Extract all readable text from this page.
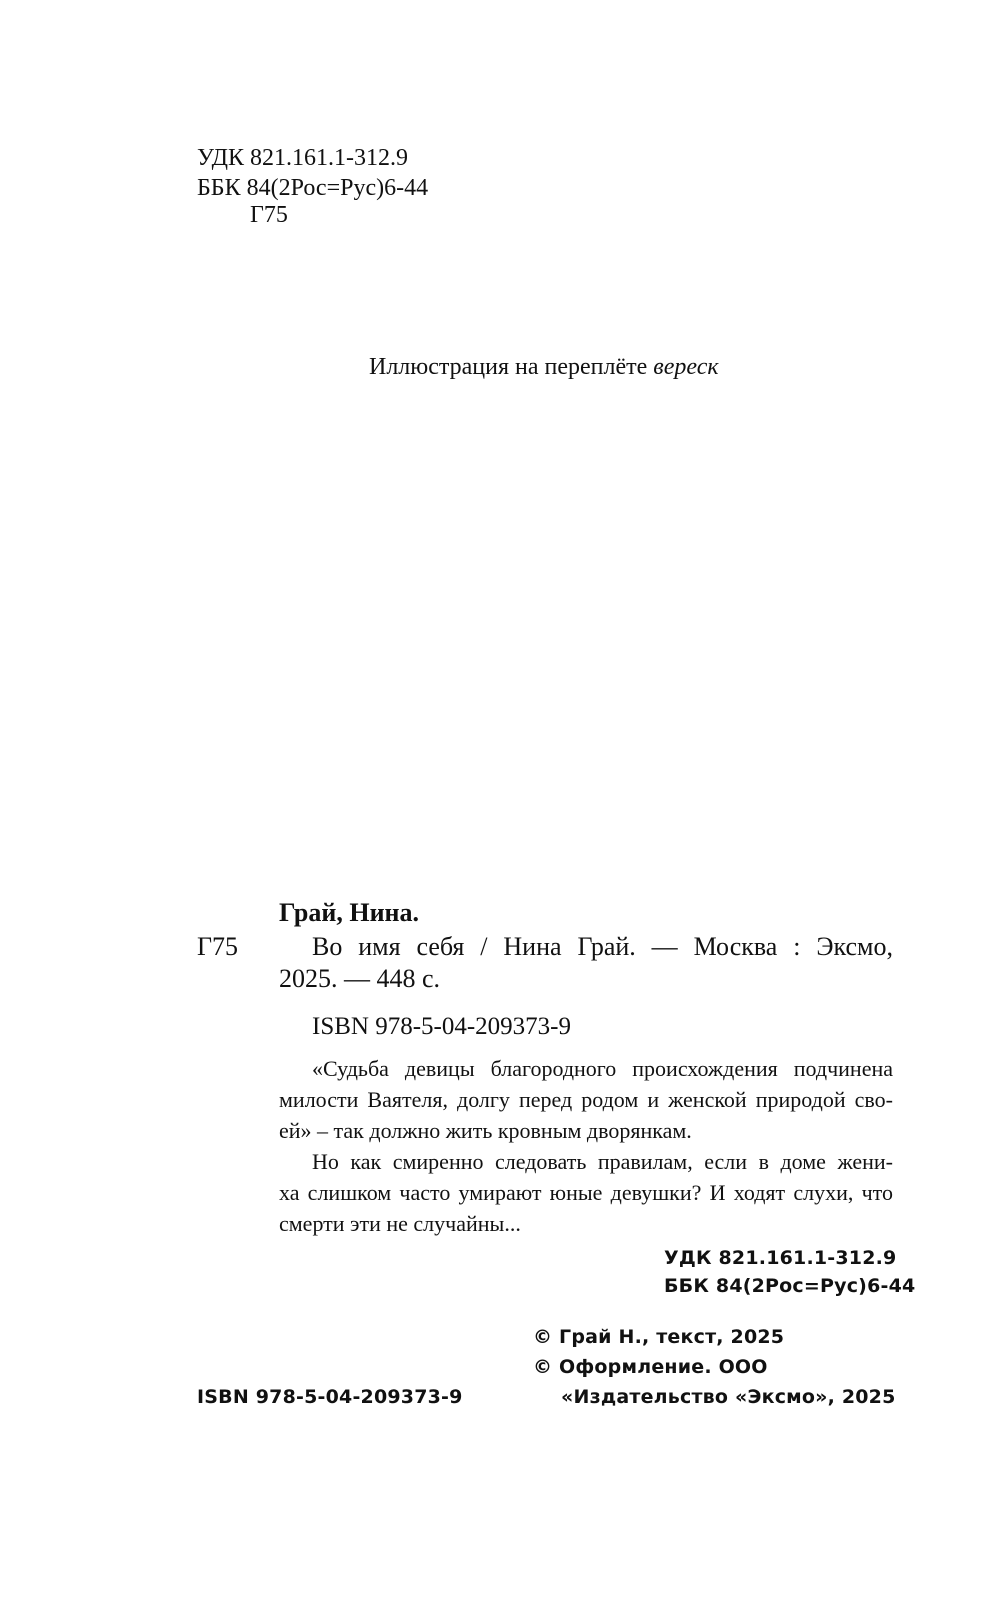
УДК 821.161.1-312.9
ББК 84(2Рос=Рус)6-44
Г75
Иллюстрация на переплёте вереск
Грай, Нина.
Г75	Во имя себя / Нина Грай. — Москва : Эксмо,
2025. — 448 с.
ISBN 978-5-04-209373-9
«Судьба девицы благородного происхождения подчинена
милости Ваятеля, долгу перед родом и женской природой сво-
ей» – так должно жить кровным дворянкам.
Но как смиренно следовать правилам, если в доме жени-
ха слишком часто умирают юные девушки? И ходят слухи, что
смерти эти не случайны...
УДК 821.161.1-312.9
ББК 84(2Рос=Рус)6-44
© Грай Н., текст, 2025
© Оформление. ООО
ISBN 978-5-04-209373-9	«Издательство «Эксмо», 2025
